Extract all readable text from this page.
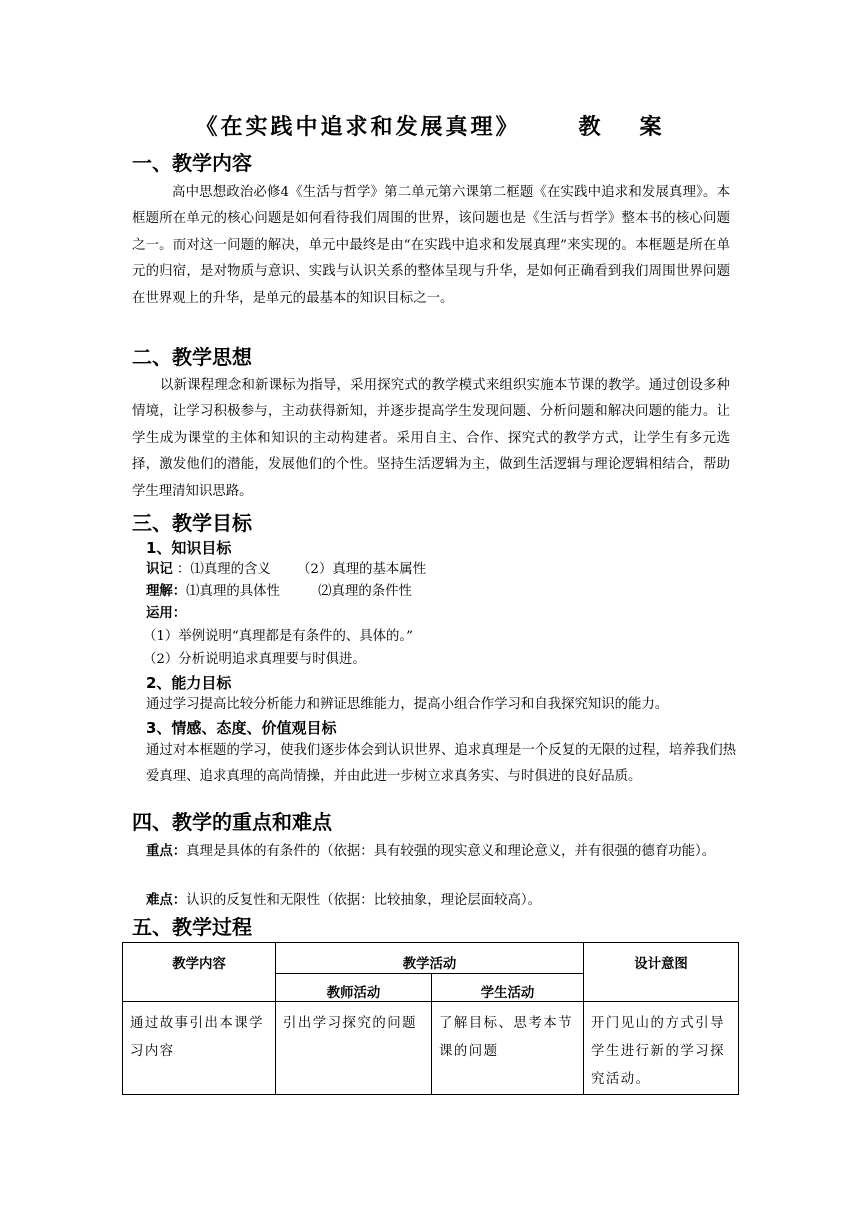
《在实践中追求和发展真理》	教 案
一、教学内容
高中思想政治必修4《生活与哲学》第二单元第六课第二框题《在实践中追求和发展真理》。本框题所在单元的核心问题是如何看待我们周围的世界，该问题也是《生活与哲学》整本书的核心问题之一。而对这一问题的解决，单元中最终是由“在实践中追求和发展真理”来实现的。本框题是所在单元的归宿，是对物质与意识、实践与认识关系的整体呈现与升华，是如何正确看到我们周围世界问题在世界观上的升华，是单元的最基本的知识目标之一。
二、教学思想
以新课程理念和新课标为指导，采用探究式的教学模式来组织实施本节课的教学。通过创设多种情境，让学习积极参与，主动获得新知，并逐步提高学生发现问题、分析问题和解决问题的能力。让学生成为课堂的主体和知识的主动构建者。采用自主、合作、探究式的教学方式，让学生有多元选择，激发他们的潜能，发展他们的个性。坚持生活逻辑为主，做到生活逻辑与理论逻辑相结合，帮助学生理清知识思路。
三、教学目标
1、知识目标
识记 ：⑴真理的含义 （2）真理的基本属性
理解：⑴真理的具体性	⑵真理的条件性
运用：
（1）举例说明“真理都是有条件的、具体的。”
（2）分析说明追求真理要与时俱进。
2、能力目标
通过学习提高比较分析能力和辨证思维能力，提高小组合作学习和自我探究知识的能力。
3、情感、态度、价值观目标
通过对本框题的学习，使我们逐步体会到认识世界、追求真理是一个反复的无限的过程，培养我们热爱真理、追求真理的高尚情操，并由此进一步树立求真务实、与时俱进的良好品质。
四、教学的重点和难点
重点：真理是具体的有条件的（依据：具有较强的现实意义和理论意义，并有很强的德育功能）。
难点：认识的反复性和无限性（依据：比较抽象，理论层面较高）。
五、教学过程
教学内容	教学活动		设计意图
	教师活动	学生活动	

通过故事引出本课学习内容	引出学习探究的问题	了解目标、思考本节课的问题	开门见山的方式引导学生进行新的学习探究活动。
